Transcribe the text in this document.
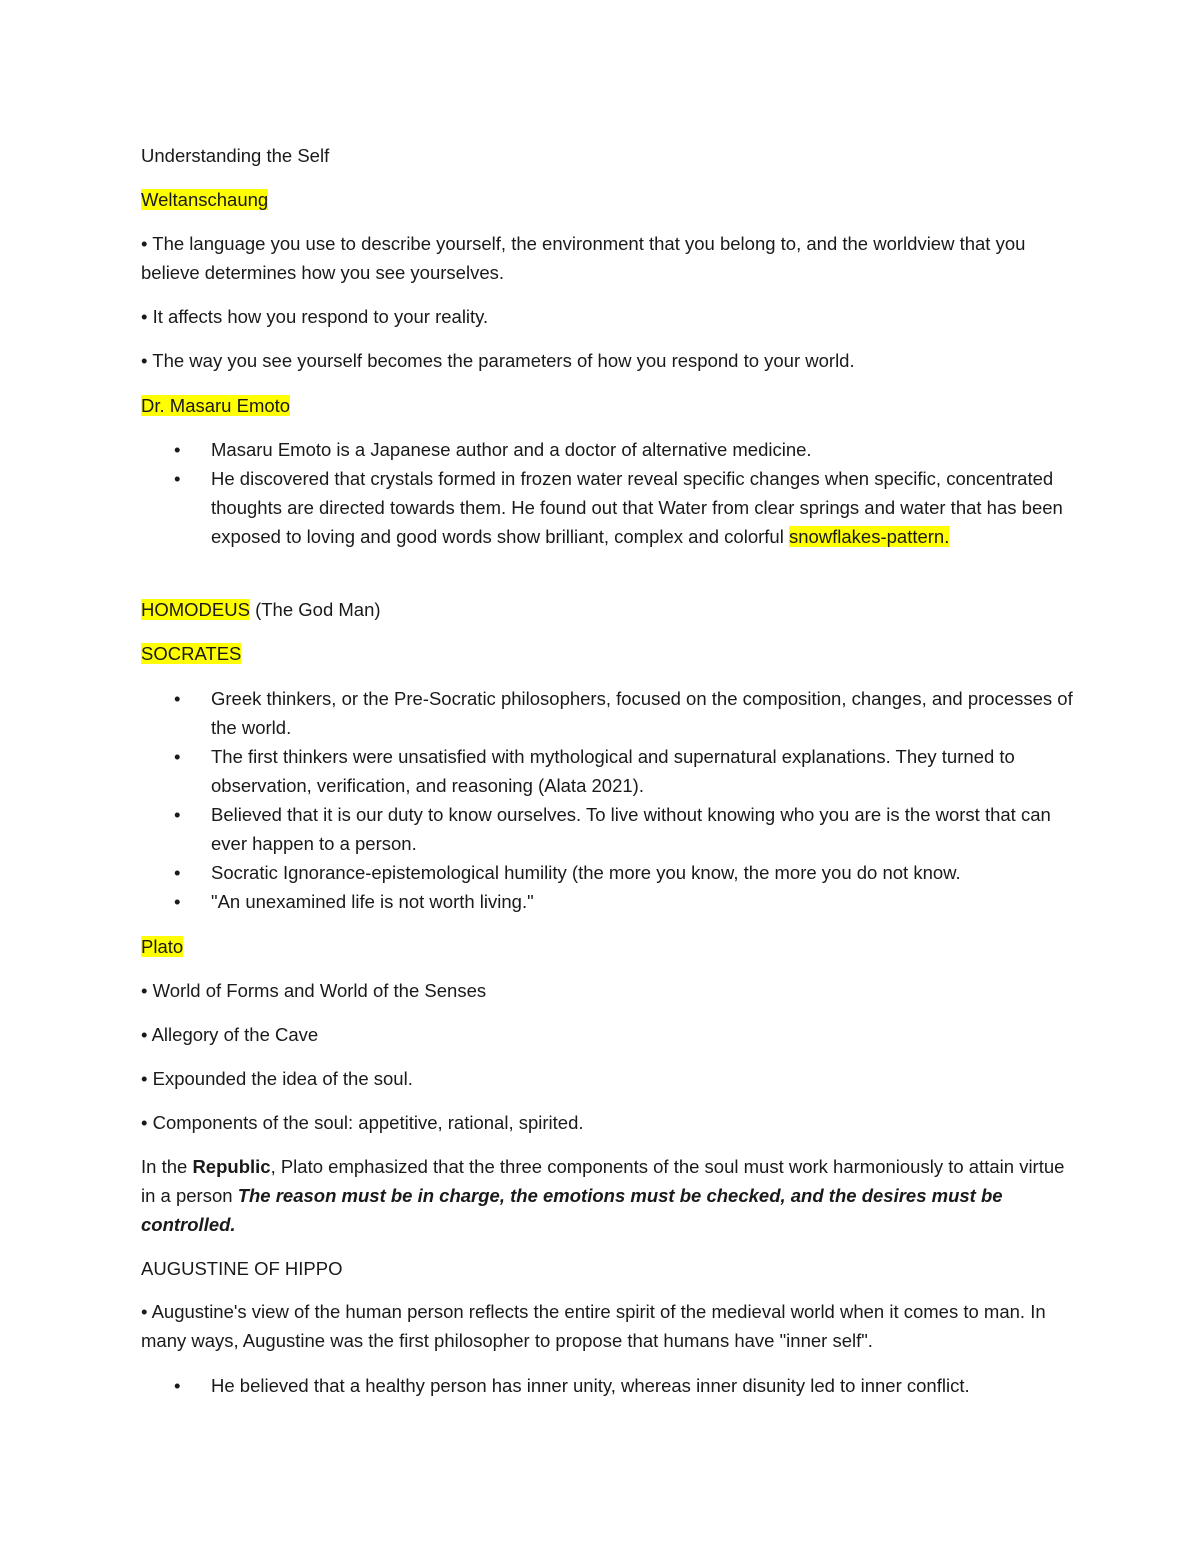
Understanding the Self

Weltanschaung

• The language you use to describe yourself, the environment that you belong to, and the worldview that you believe determines how you see yourselves.

• It affects how you respond to your reality.

• The way you see yourself becomes the parameters of how you respond to your world.

Dr. Masaru Emoto

• Masaru Emoto is a Japanese author and a doctor of alternative medicine.
• He discovered that crystals formed in frozen water reveal specific changes when specific, concentrated thoughts are directed towards them. He found out that Water from clear springs and water that has been exposed to loving and good words show brilliant, complex and colorful snowflakes-pattern.

HOMODEUS (The God Man)

SOCRATES

• Greek thinkers, or the Pre-Socratic philosophers, focused on the composition, changes, and processes of the world.
• The first thinkers were unsatisfied with mythological and supernatural explanations. They turned to observation, verification, and reasoning (Alata 2021).
• Believed that it is our duty to know ourselves. To live without knowing who you are is the worst that can ever happen to a person.
• Socratic Ignorance-epistemological humility (the more you know, the more you do not know.
• "An unexamined life is not worth living."

Plato

• World of Forms and World of the Senses

• Allegory of the Cave

• Expounded the idea of the soul.

• Components of the soul: appetitive, rational, spirited.

In the Republic, Plato emphasized that the three components of the soul must work harmoniously to attain virtue in a person The reason must be in charge, the emotions must be checked, and the desires must be controlled.

AUGUSTINE OF HIPPO

• Augustine's view of the human person reflects the entire spirit of the medieval world when it comes to man. In many ways, Augustine was the first philosopher to propose that humans have "inner self".

• He believed that a healthy person has inner unity, whereas inner disunity led to inner conflict.
